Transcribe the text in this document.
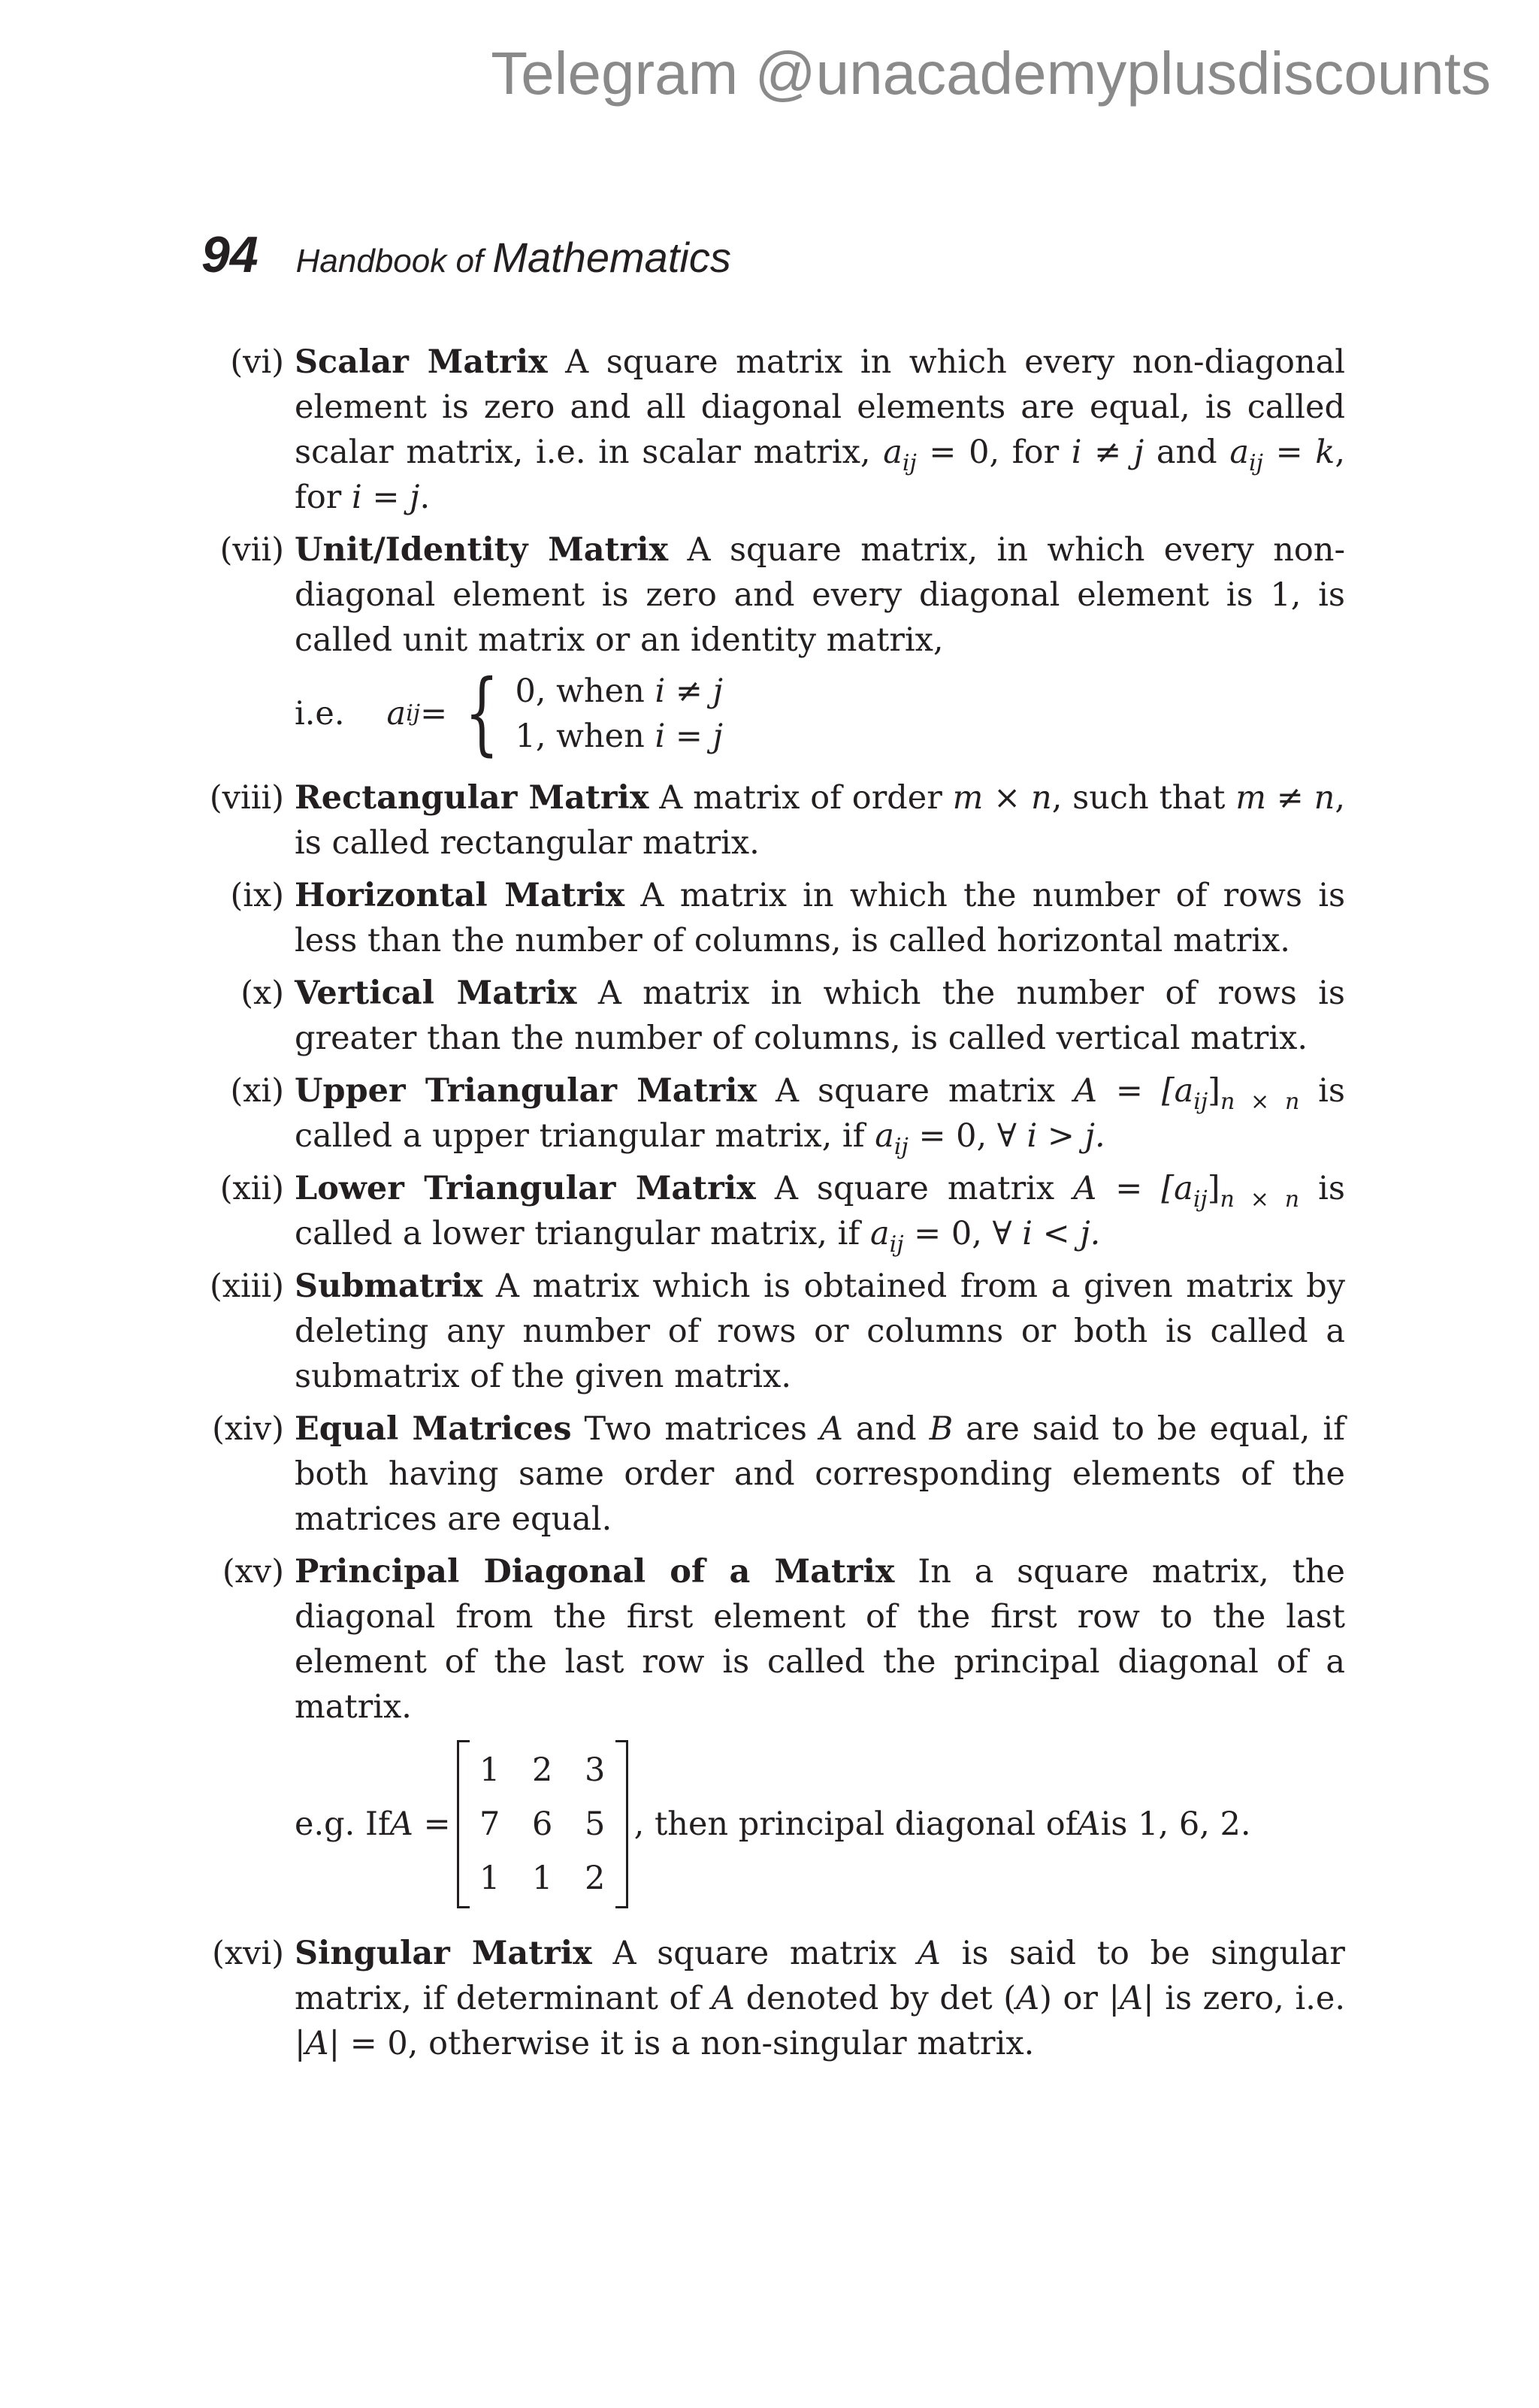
Telegram @unacademyplusdiscounts
94 Handbook of Mathematics
(vi) Scalar Matrix A square matrix in which every non-diagonal element is zero and all diagonal elements are equal, is called scalar matrix, i.e. in scalar matrix, $a_{ij} = 0$, for i ≠ j and $a_{ij} = k$, for i = j.
(vii) Unit/Identity Matrix A square matrix, in which every non-diagonal element is zero and every diagonal element is 1, is called unit matrix or an identity matrix,
i.e. a ij = { 0, when i ≠ j
1, when i = j
(viii) Rectangular Matrix A matrix of order m × n, such that m ≠ n, is called rectangular matrix.
(ix) Horizontal Matrix A matrix in which the number of rows is less than the number of columns, is called horizontal matrix.
(x) Vertical Matrix A matrix in which the number of rows is greater than the number of columns, is called vertical matrix.
(xi) Upper Triangular Matrix A square matrix $A = [a_{ij}]_{n \times n}$ is called a upper triangular matrix, if $a_{ij} = 0$, ∀ i > j.
(xii) Lower Triangular Matrix A square matrix $A = [a_{ij}]_{n \times n}$ is called a lower triangular matrix, if $a_{ij} = 0$, ∀ i < j.
(xiii) Submatrix A matrix which is obtained from a given matrix by deleting any number of rows or columns or both is called a submatrix of the given matrix.
(xiv) Equal Matrices Two matrices A and B are said to be equal, if both having same order and corresponding elements of the matrices are equal.
(xv) Principal Diagonal of a Matrix In a square matrix, the diagonal from the first element of the first row to the last element of the last row is called the principal diagonal of a matrix.
e.g. If A =
1 2 3
7 6 5
1 1 2
, then principal diagonal of A is 1, 6, 2.
(xvi) Singular Matrix A square matrix A is said to be singular matrix, if determinant of A denoted by det (A) or |A| is zero, i.e. |A| = 0, otherwise it is a non-singular matrix.
